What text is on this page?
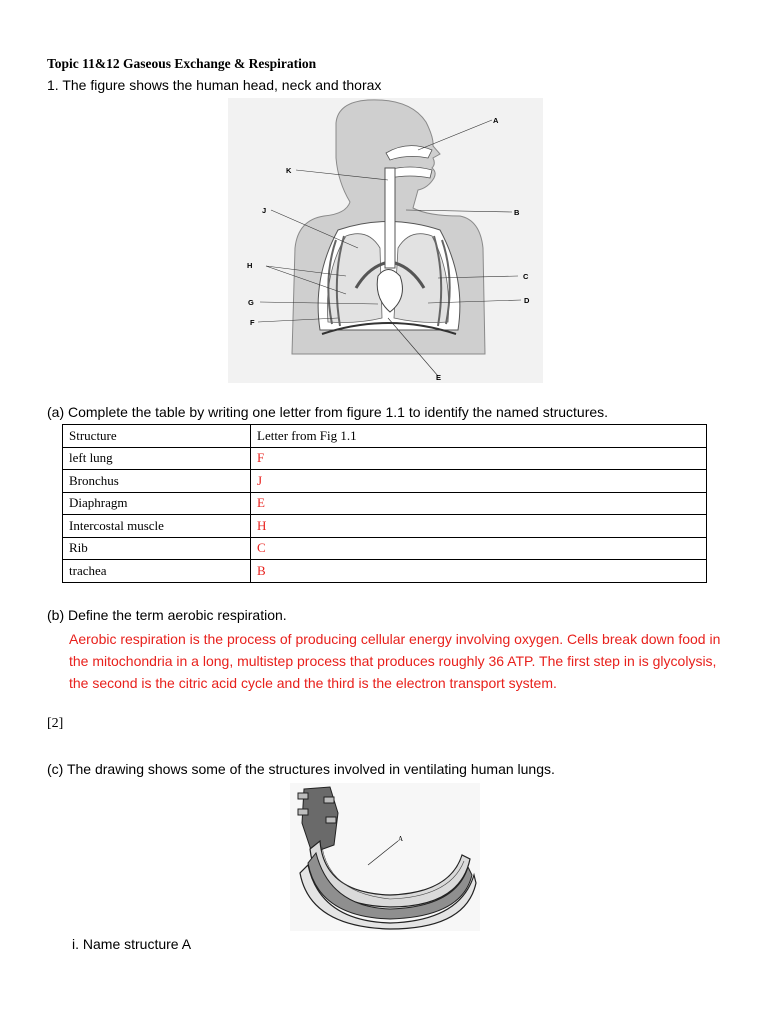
Topic 11&12 Gaseous Exchange & Respiration
1. The figure shows the human head, neck and thorax
A
K
J	B
H
C
G	D
F
E
(a) Complete the table by writing one letter from figure 1.1 to identify the named structures.
Structure	Letter from Fig 1.1
left lung	F
Bronchus	J
Diaphragm	E
Intercostal muscle	H
Rib	C
trachea	B
(b) Define the term aerobic respiration.
Aerobic respiration is the process of producing cellular energy involving oxygen. Cells break down food in the mitochondria in a long, multistep process that produces roughly 36 ATP. The first step in is glycolysis, the second is the citric acid cycle and the third is the electron transport system.
[2]
(c) The drawing shows some of the structures involved in ventilating human lungs.
A
i. Name structure A
